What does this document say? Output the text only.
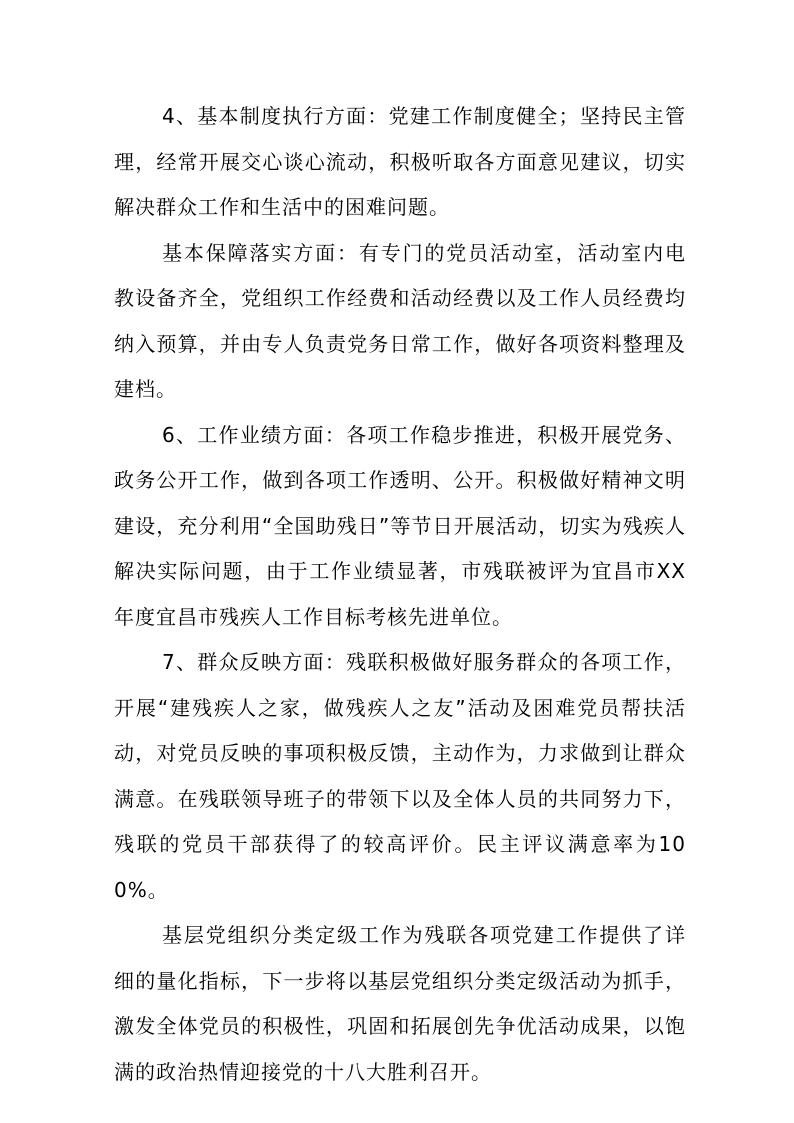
4、基本制度执行方面：党建工作制度健全；坚持民主管理，经常开展交心谈心流动，积极听取各方面意见建议，切实解决群众工作和生活中的困难问题。

基本保障落实方面：有专门的党员活动室，活动室内电教设备齐全，党组织工作经费和活动经费以及工作人员经费均纳入预算，并由专人负责党务日常工作，做好各项资料整理及建档。

6、工作业绩方面：各项工作稳步推进，积极开展党务、政务公开工作，做到各项工作透明、公开。积极做好精神文明建设，充分利用“全国助残日”等节日开展活动，切实为残疾人解决实际问题，由于工作业绩显著，市残联被评为宜昌市XX年度宜昌市残疾人工作目标考核先进单位。

7、群众反映方面：残联积极做好服务群众的各项工作，开展“建残疾人之家，做残疾人之友”活动及困难党员帮扶活动，对党员反映的事项积极反馈，主动作为，力求做到让群众满意。在残联领导班子的带领下以及全体人员的共同努力下，残联的党员干部获得了的较高评价。民主评议满意率为100%。

基层党组织分类定级工作为残联各项党建工作提供了详细的量化指标，下一步将以基层党组织分类定级活动为抓手，激发全体党员的积极性，巩固和拓展创先争优活动成果，以饱满的政治热情迎接党的十八大胜利召开。
